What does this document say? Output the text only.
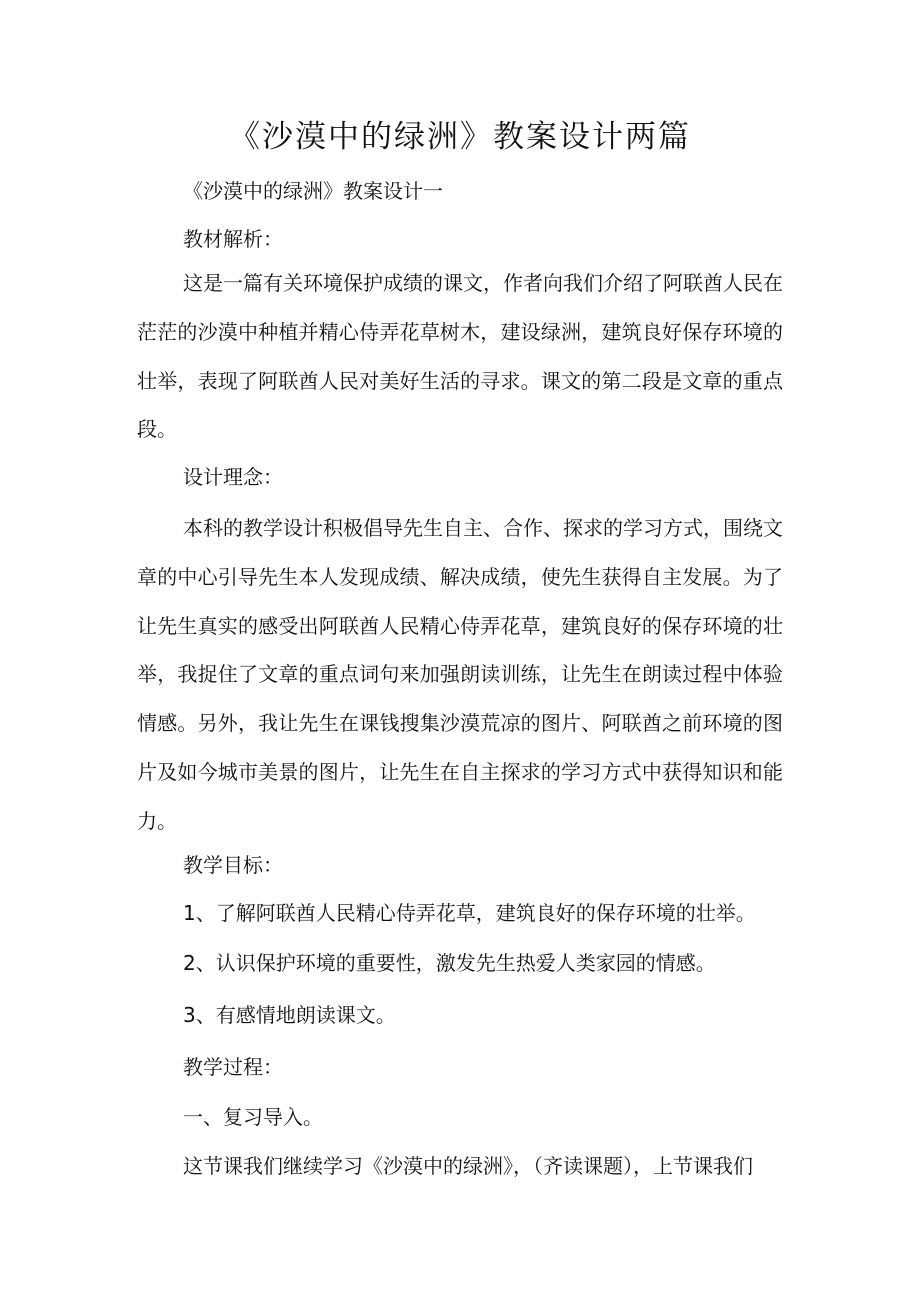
《沙漠中的绿洲》教案设计两篇
《沙漠中的绿洲》教案设计一
教材解析：

这是一篇有关环境保护成绩的课文，作者向我们介绍了阿联酋人民在茫茫的沙漠中种植并精心侍弄花草树木，建设绿洲，建筑良好保存环境的壮举，表现了阿联酋人民对美好生活的寻求。课文的第二段是文章的重点段。

设计理念：

本科的教学设计积极倡导先生自主、合作、探求的学习方式，围绕文章的中心引导先生本人发现成绩、解决成绩，使先生获得自主发展。为了让先生真实的感受出阿联酋人民精心侍弄花草，建筑良好的保存环境的壮举，我捉住了文章的重点词句来加强朗读训练，让先生在朗读过程中体验情感。另外，我让先生在课钱搜集沙漠荒凉的图片、阿联酋之前环境的图片及如今城市美景的图片，让先生在自主探求的学习方式中获得知识和能力。

教学目标：
1、了解阿联酋人民精心侍弄花草，建筑良好的保存环境的壮举。
2、认识保护环境的重要性，激发先生热爱人类家园的情感。
3、有感情地朗读课文。
教学过程：
一、复习导入。
这节课我们继续学习《沙漠中的绿洲》，（齐读课题），上节课我们
